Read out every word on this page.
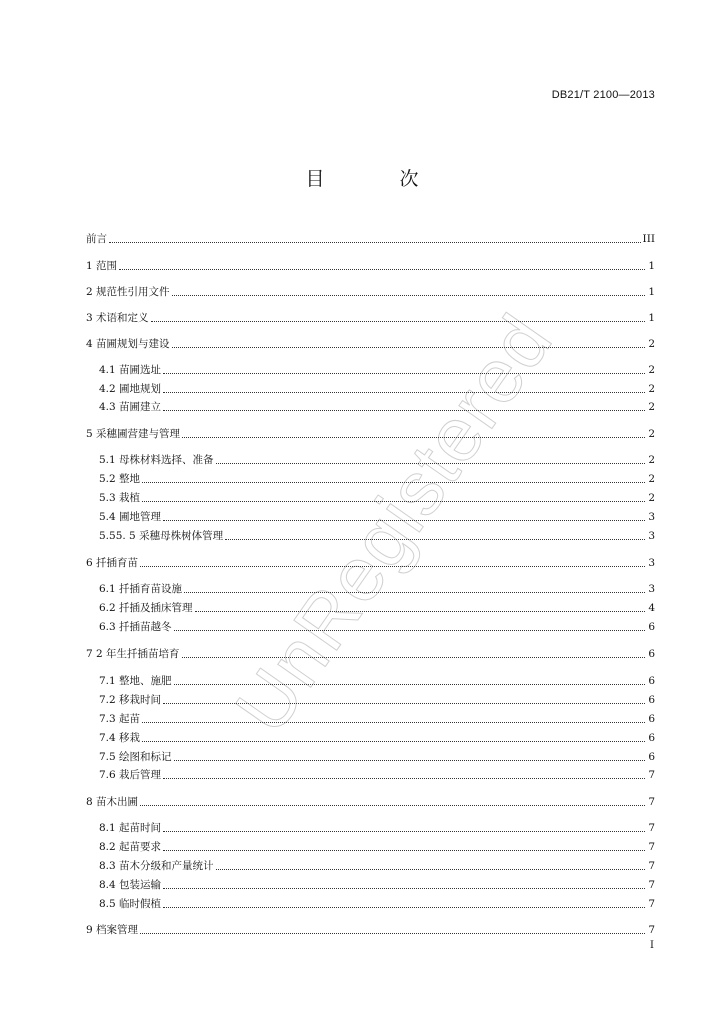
DB21/T 2100—2013
目　次
UnRegistered
前言	III
1 范围	1
2 规范性引用文件	1
3 术语和定义	1
4 苗圃规划与建设	2
4.1 苗圃选址	2
4.2 圃地规划	2
4.3 苗圃建立	2
5 采穗圃营建与管理	2
5.1 母株材料选择、准备	2
5.2 整地	2
5.3 栽植	2
5.4 圃地管理	3
5.55. 5 采穗母株树体管理	3
6 扦插育苗	3
6.1 扦插育苗设施	3
6.2 扦插及插床管理	4
6.3 扦插苗越冬	6
7 2 年生扦插苗培育	6
7.1 整地、施肥	6
7.2 移栽时间	6
7.3 起苗	6
7.4 移栽	6
7.5 绘图和标记	6
7.6 栽后管理	7
8 苗木出圃	7
8.1 起苗时间	7
8.2 起苗要求	7
8.3 苗木分级和产量统计	7
8.4 包装运输	7
8.5 临时假植	7
9 档案管理	7
I
